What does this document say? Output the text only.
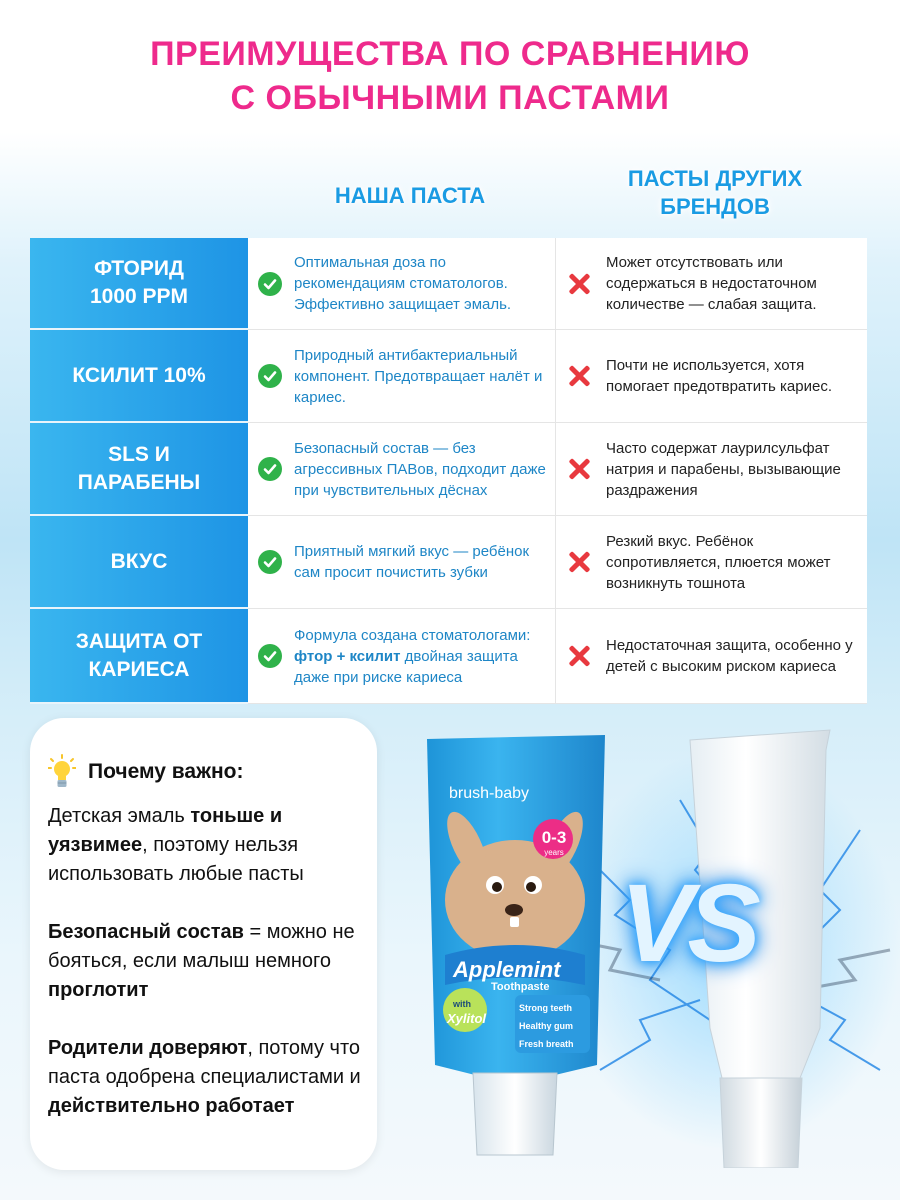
ПРЕИМУЩЕСТВА ПО СРАВНЕНИЮ
С ОБЫЧНЫМИ ПАСТАМИ
НАША ПАСТА
ПАСТЫ ДРУГИХ
БРЕНДОВ
ФТОРИД
1000 PPM
Оптимальная доза по рекомендациям стоматологов. Эффективно защищает эмаль.
Может отсутствовать или содержаться в недостаточном количестве — слабая защита.
КСИЛИТ 10%
Природный антибактериальный компонент. Предотвращает налёт и кариес.
Почти не используется, хотя помогает предотвратить кариес.
SLS И
ПАРАБЕНЫ
Безопасный состав — без агрессивных ПАВов, подходит даже при чувствительных дёснах
Часто содержат лаурилсульфат натрия и парабены, вызывающие раздражения
ВКУС	Приятный мягкий вкус — ребёнок сам просит почистить зубки
Резкий вкус. Ребёнок сопротивляется, плюется может возникнуть тошнота
ЗАЩИТА ОТ
КАРИЕСА
Формула создана стоматологами: фтор + ксилит двойная защита даже при риске кариеса
Недостаточная защита, особенно у детей с высоким риском кариеса
Почему важно:
Детская эмаль тоньше и уязвимее, поэтому нельзя использовать любые пасты
Безопасный состав = можно не бояться, если малыш немного проглотит
Родители доверяют, потому что паста одобрена специалистами и действительно работает
VS
brush-baby
0-3
years
Applemint
Toothpaste
with
Xylitol
Strong teeth
Healthy gum
Fresh breath
